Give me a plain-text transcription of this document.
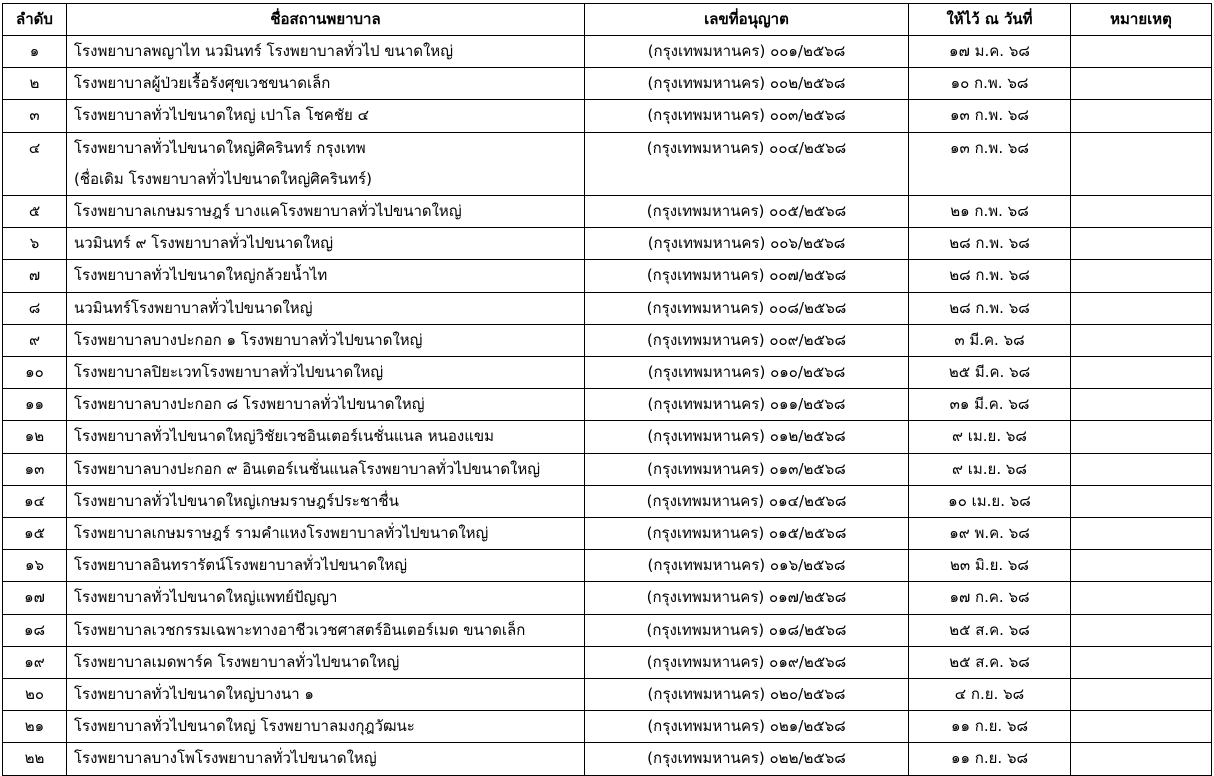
ลำดับ	ชื่อสถานพยาบาล	เลขที่อนุญาต	ให้ไว้ ณ วันที่	หมายเหตุ
๑	โรงพยาบาลพญาไท นวมินทร์ โรงพยาบาลทั่วไป ขนาดใหญ่	(กรุงเทพมหานคร) ๐๐๑/๒๕๖๘	๑๗ ม.ค. ๖๘	
๒	โรงพยาบาลผู้ป่วยเรื้อรังศุขเวชขนาดเล็ก	(กรุงเทพมหานคร) ๐๐๒/๒๕๖๘	๑๐ ก.พ. ๖๘	
๓	โรงพยาบาลทั่วไปขนาดใหญ่ เปาโล โชคชัย ๔	(กรุงเทพมหานคร) ๐๐๓/๒๕๖๘	๑๓ ก.พ. ๖๘	
๔	โรงพยาบาลทั่วไปขนาดใหญ่ศิครินทร์ กรุงเทพ
(ชื่อเดิม โรงพยาบาลทั่วไปขนาดใหญ่ศิครินทร์)	(กรุงเทพมหานคร) ๐๐๔/๒๕๖๘	๑๓ ก.พ. ๖๘	
๕	โรงพยาบาลเกษมราษฎร์ บางแคโรงพยาบาลทั่วไปขนาดใหญ่	(กรุงเทพมหานคร) ๐๐๕/๒๕๖๘	๒๑ ก.พ. ๖๘	
๖	นวมินทร์ ๙ โรงพยาบาลทั่วไปขนาดใหญ่	(กรุงเทพมหานคร) ๐๐๖/๒๕๖๘	๒๘ ก.พ. ๖๘	
๗	โรงพยาบาลทั่วไปขนาดใหญ่กล้วยน้ำไท	(กรุงเทพมหานคร) ๐๐๗/๒๕๖๘	๒๘ ก.พ. ๖๘	
๘	นวมินทร์โรงพยาบาลทั่วไปขนาดใหญ่	(กรุงเทพมหานคร) ๐๐๘/๒๕๖๘	๒๘ ก.พ. ๖๘	
๙	โรงพยาบาลบางปะกอก ๑ โรงพยาบาลทั่วไปขนาดใหญ่	(กรุงเทพมหานคร) ๐๐๙/๒๕๖๘	๓ มี.ค. ๖๘	
๑๐	โรงพยาบาลปิยะเวทโรงพยาบาลทั่วไปขนาดใหญ่	(กรุงเทพมหานคร) ๐๑๐/๒๕๖๘	๒๕ มี.ค. ๖๘	
๑๑	โรงพยาบาลบางปะกอก ๘ โรงพยาบาลทั่วไปขนาดใหญ่	(กรุงเทพมหานคร) ๐๑๑/๒๕๖๘	๓๑ มี.ค. ๖๘	
๑๒	โรงพยาบาลทั่วไปขนาดใหญ่วิชัยเวชอินเตอร์เนชั่นแนล หนองแขม	(กรุงเทพมหานคร) ๐๑๒/๒๕๖๘	๙ เม.ย. ๖๘	
๑๓	โรงพยาบาลบางปะกอก ๙ อินเตอร์เนชั่นแนลโรงพยาบาลทั่วไปขนาดใหญ่	(กรุงเทพมหานคร) ๐๑๓/๒๕๖๘	๙ เม.ย. ๖๘	
๑๔	โรงพยาบาลทั่วไปขนาดใหญ่เกษมราษฎร์ประชาชื่น	(กรุงเทพมหานคร) ๐๑๔/๒๕๖๘	๑๐ เม.ย. ๖๘	
๑๕	โรงพยาบาลเกษมราษฎร์ รามคำแหงโรงพยาบาลทั่วไปขนาดใหญ่	(กรุงเทพมหานคร) ๐๑๕/๒๕๖๘	๑๙ พ.ค. ๖๘	
๑๖	โรงพยาบาลอินทรารัตน์โรงพยาบาลทั่วไปขนาดใหญ่	(กรุงเทพมหานคร) ๐๑๖/๒๕๖๘	๒๓ มิ.ย. ๖๘	
๑๗	โรงพยาบาลทั่วไปขนาดใหญ่แพทย์ปัญญา	(กรุงเทพมหานคร) ๐๑๗/๒๕๖๘	๑๗ ก.ค. ๖๘	
๑๘	โรงพยาบาลเวชกรรมเฉพาะทางอาชีวเวชศาสตร์อินเตอร์เมด ขนาดเล็ก	(กรุงเทพมหานคร) ๐๑๘/๒๕๖๘	๒๕ ส.ค. ๖๘	
๑๙	โรงพยาบาลเมดพาร์ค โรงพยาบาลทั่วไปขนาดใหญ่	(กรุงเทพมหานคร) ๐๑๙/๒๕๖๘	๒๕ ส.ค. ๖๘	
๒๐	โรงพยาบาลทั่วไปขนาดใหญ่บางนา ๑	(กรุงเทพมหานคร) ๐๒๐/๒๕๖๘	๔ ก.ย. ๖๘	
๒๑	โรงพยาบาลทั่วไปขนาดใหญ่ โรงพยาบาลมงกุฎวัฒนะ	(กรุงเทพมหานคร) ๐๒๑/๒๕๖๘	๑๑ ก.ย. ๖๘	
๒๒	โรงพยาบาลบางโพโรงพยาบาลทั่วไปขนาดใหญ่	(กรุงเทพมหานคร) ๐๒๒/๒๕๖๘	๑๑ ก.ย. ๖๘	
